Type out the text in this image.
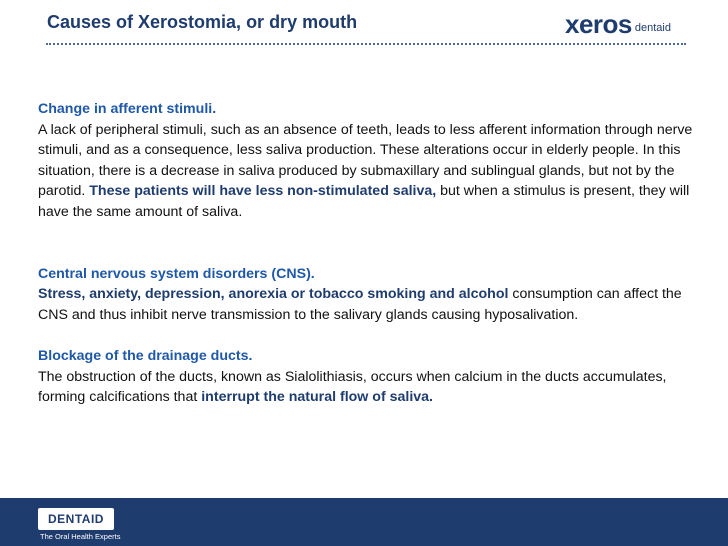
Causes of Xerostomia, or dry mouth	xeros dentaid
Change in afferent stimuli.
A lack of peripheral stimuli, such as an absence of teeth, leads to less afferent information through nerve stimuli, and as a consequence, less saliva production. These alterations occur in elderly people. In this situation, there is a decrease in saliva produced by submaxillary and sublingual glands, but not by the parotid. These patients will have less non-stimulated saliva, but when a stimulus is present, they will have the same amount of saliva.
Central nervous system disorders (CNS).
Stress, anxiety, depression, anorexia or tobacco smoking and alcohol consumption can affect the CNS and thus inhibit nerve transmission to the salivary glands causing hyposalivation.
Blockage of the drainage ducts.
The obstruction of the ducts, known as Sialolithiasis, occurs when calcium in the ducts accumulates, forming calcifications that interrupt the natural flow of saliva.
DENTAID
The Oral Health Experts
